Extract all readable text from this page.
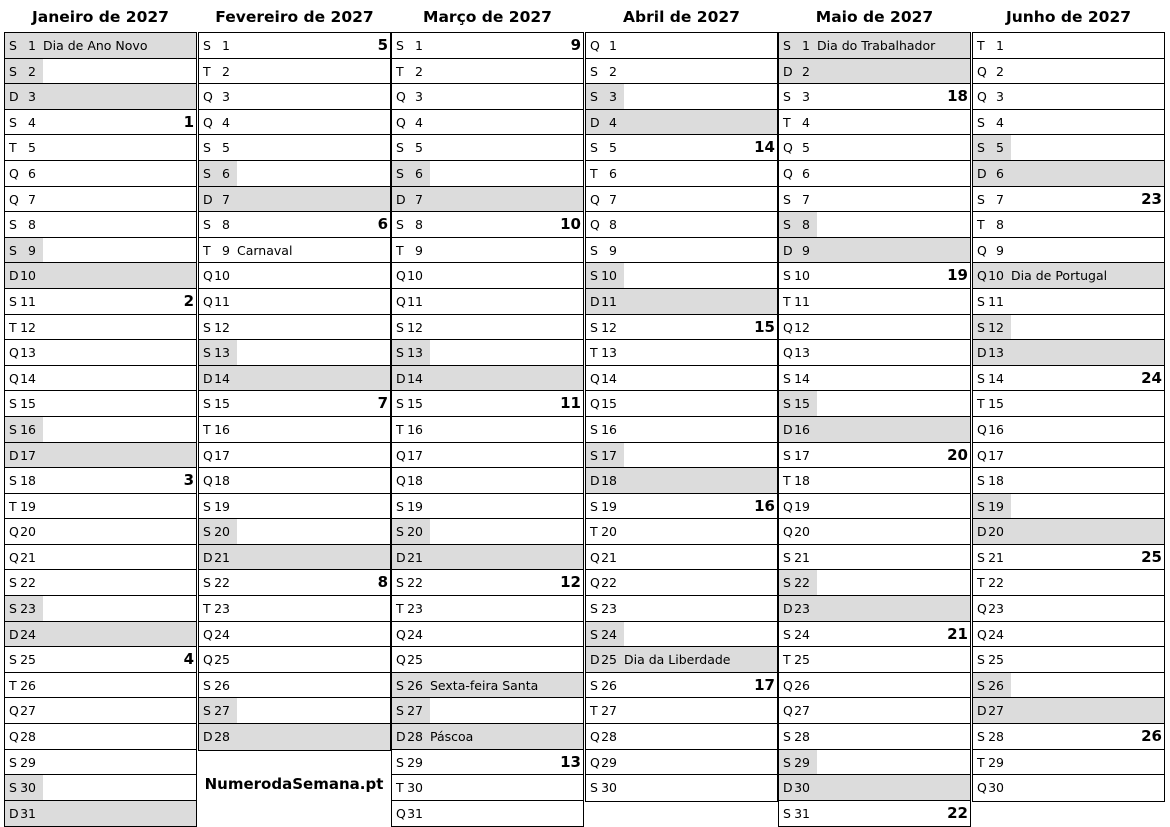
Janeiro de 2027
S 1 Dia de Ano Novo
S 2
D 3
S 4	1
T 5
Q 6
Q 7
S 8
S 9
D 10
S 11	2
T 12
Q 13
Q 14
S 15
S 16
D 17
S 18	3
T 19
Q 20
Q 21
S 22
S 23
D 24
S 25	4
T 26
Q 27
Q 28
S 29
S 30
D 31
Fevereiro de 2027
S 1	5
T 2
Q 3
Q 4
S 5
S 6
D 7
S 8	6
T 9 Carnaval
Q 10
Q 11
S 12
S 13
D 14
S 15	7
T 16
Q 17
Q 18
S 19
S 20
D 21
S 22	8
T 23
Q 24
Q 25
S 26
S 27
D 28
Março de 2027
S 1	9
T 2
Q 3
Q 4
S 5
S 6
D 7
S 8	10
T 9
Q 10
Q 11
S 12
S 13
D 14
S 15	11
T 16
Q 17
Q 18
S 19
S 20
D 21
S 22	12
T 23
Q 24
Q 25
S 26 Sexta-feira Santa
S 27
D 28 Páscoa
S 29	13
T 30
Q 31
Abril de 2027
Q 1
S 2
S 3
D 4
S 5	14
T 6
Q 7
Q 8
S 9
S 10
D 11
S 12	15
T 13
Q 14
Q 15
S 16
S 17
D 18
S 19	16
T 20
Q 21
Q 22
S 23
S 24
D 25 Dia da Liberdade
S 26	17
T 27
Q 28
Q 29
S 30
Maio de 2027
S 1 Dia do Trabalhador
D 2
S 3	18
T 4
Q 5
Q 6
S 7
S 8
D 9
S 10	19
T 11
Q 12
Q 13
S 14
S 15
D 16
S 17	20
T 18
Q 19
Q 20
S 21
S 22
D 23
S 24	21
T 25
Q 26
Q 27
S 28
S 29
D 30
S 31	22
Junho de 2027
T 1
Q 2
Q 3
S 4
S 5
D 6
S 7	23
T 8
Q 9
Q 10 Dia de Portugal
S 11
S 12
D 13
S 14	24
T 15
Q 16
Q 17
S 18
S 19
D 20
S 21	25
T 22
Q 23
Q 24
S 25
S 26
D 27
S 28	26
T 29
Q 30
NumerodaSemana.pt
